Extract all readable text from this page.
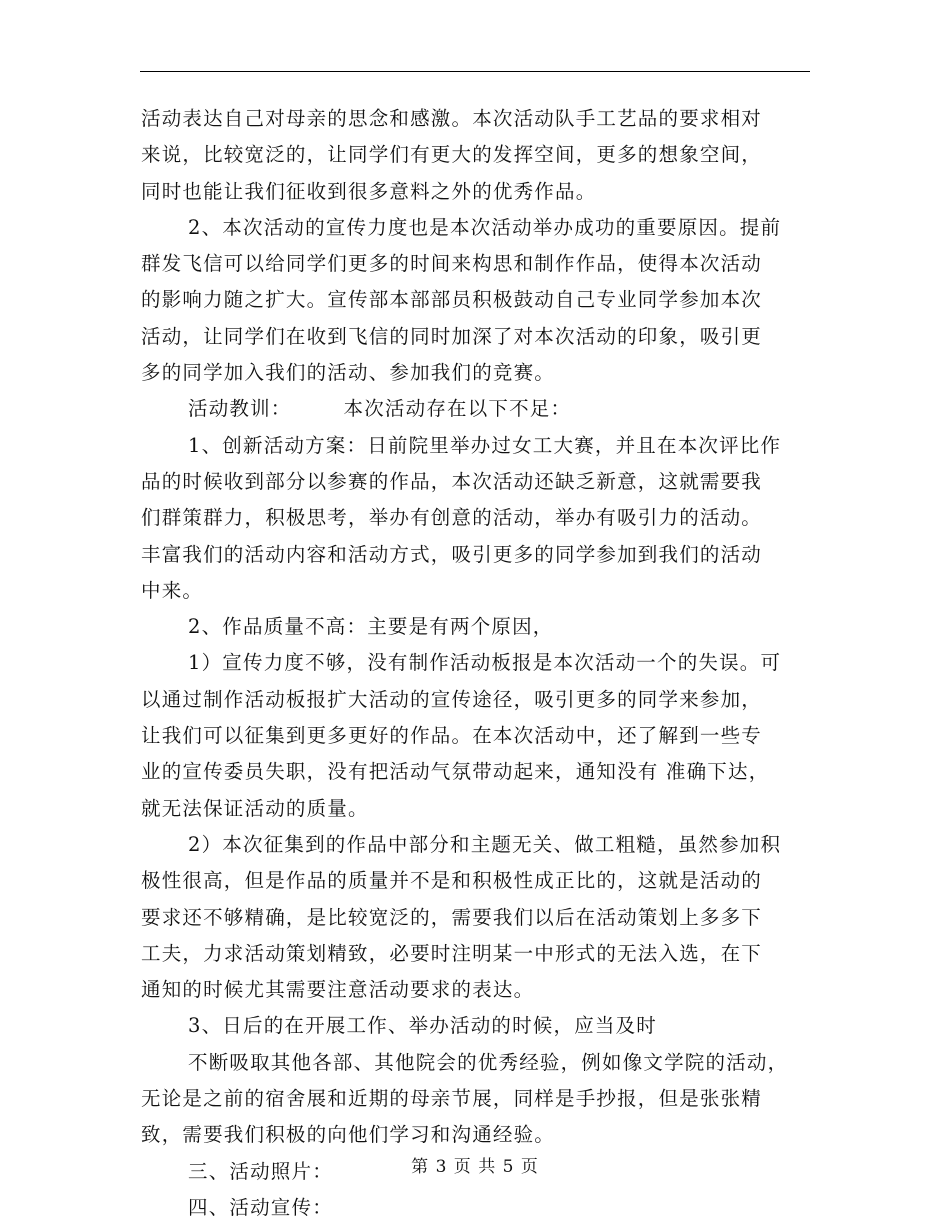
活动表达自己对母亲的思念和感激。本次活动队手工艺品的要求相对
来说，比较宽泛的，让同学们有更大的发挥空间，更多的想象空间，
同时也能让我们征收到很多意料之外的优秀作品。
2、本次活动的宣传力度也是本次活动举办成功的重要原因。提前
群发飞信可以给同学们更多的时间来构思和制作作品，使得本次活动
的影响力随之扩大。宣传部本部部员积极鼓动自己专业同学参加本次
活动，让同学们在收到飞信的同时加深了对本次活动的印象，吸引更
多的同学加入我们的活动、参加我们的竞赛。
活动教训：	本次活动存在以下不足：
1、创新活动方案：日前院里举办过女工大赛，并且在本次评比作
品的时候收到部分以参赛的作品，本次活动还缺乏新意，这就需要我
们群策群力，积极思考，举办有创意的活动，举办有吸引力的活动。
丰富我们的活动内容和活动方式，吸引更多的同学参加到我们的活动
中来。
2、作品质量不高：主要是有两个原因，
1）宣传力度不够，没有制作活动板报是本次活动一个的失误。可
以通过制作活动板报扩大活动的宣传途径，吸引更多的同学来参加，
让我们可以征集到更多更好的作品。在本次活动中，还了解到一些专
业的宣传委员失职，没有把活动气氛带动起来，通知没有 准确下达，
就无法保证活动的质量。
2）本次征集到的作品中部分和主题无关、做工粗糙，虽然参加积
极性很高，但是作品的质量并不是和积极性成正比的，这就是活动的
要求还不够精确，是比较宽泛的，需要我们以后在活动策划上多多下
工夫，力求活动策划精致，必要时注明某一中形式的无法入选，在下
通知的时候尤其需要注意活动要求的表达。
3、日后的在开展工作、举办活动的时候，应当及时
不断吸取其他各部、其他院会的优秀经验，例如像文学院的活动，
无论是之前的宿舍展和近期的母亲节展，同样是手抄报，但是张张精
致，需要我们积极的向他们学习和沟通经验。
三、活动照片：
四、活动宣传：
第 3 页 共 5 页
